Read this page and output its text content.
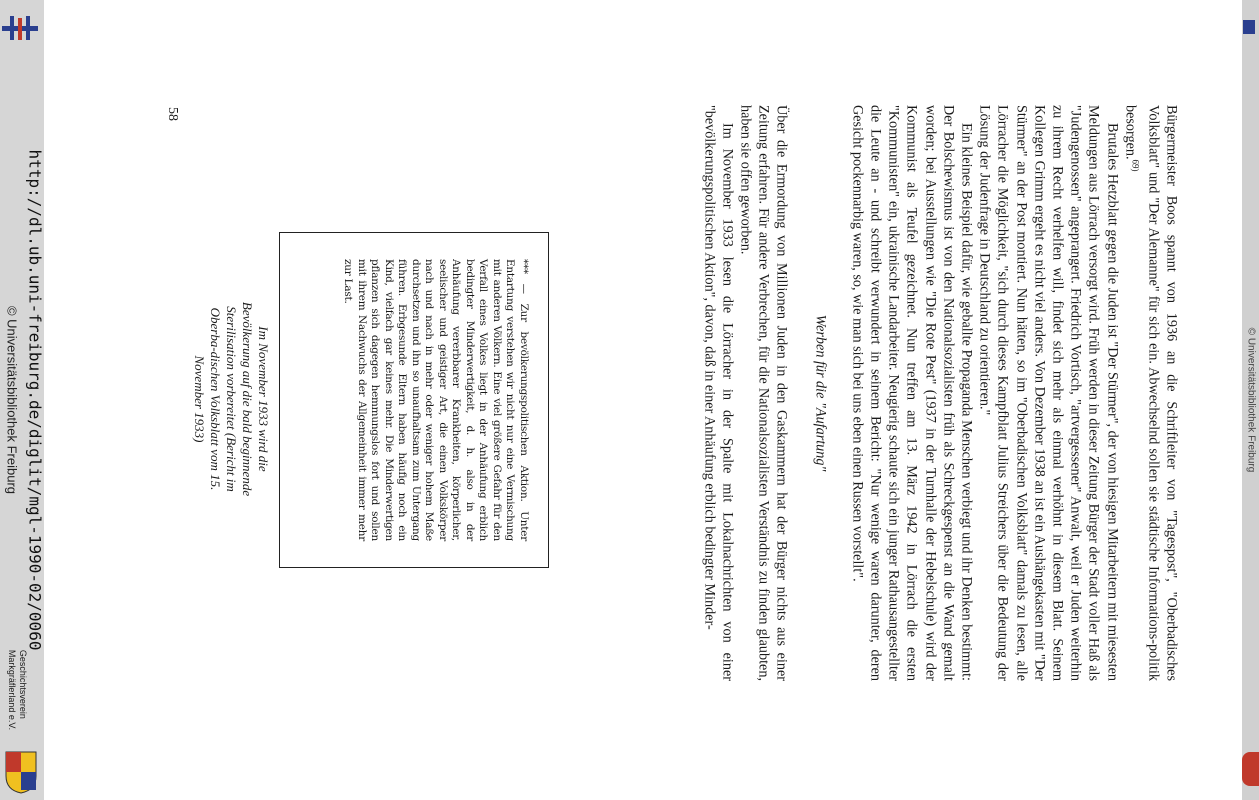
© Universitätsbibliothek Freiburg http://dl.ub.uni-freiburg.de/diglit/mgl-1990-02/0060
Geschichtsverein
Markgräflerland e.V.
58	Bürgermeister Boos spannt von 1936 an die Schriftleiter von "Tagespost", "Oberbadisches Volksblatt" und "Der Alemanne" für sich ein. Abwechselnd sollen sie städtische Informations-politik besorgen.$^{69)}$

Brutales Hetzblatt gegen die Juden ist "Der Stürmer", der von hiesigen Mitarbeitern mit miesesten Meldungen aus Lörrach versorgt wird. Früh werden in dieser Zeitung Bürger der Stadt voller Haß als "Judengenossen" angeprangert. Friedrich Vortisch, "artvergessener" Anwalt, weil er Juden weiterhin zu ihrem Recht verhelfen will, findet sich mehr als einmal verhöhnt in diesem Blatt. Seinem Kollegen Grimm ergeht es nicht viel anders. Von Dezember 1938 an ist ein Aushängekasten mit "Der Stürmer" an der Post montiert. Nun hätten, so im "Oberbadischen Volksblatt" damals zu lesen, alle Lörracher die Möglichkeit, "sich durch dieses Kampfblatt Julius Streichers über die Bedeutung der Lösung der Judenfrage in Deutschland zu orientieren."

Ein kleines Beispiel dafür, wie geballte Propaganda Menschen verbiegt und ihr Denken bestimmt: Der Bolschewismus ist von den Nationalsozialisten früh als Schreckgespenst an die Wand gemalt worden; bei Ausstellungen wie "Die Rote Pest" (1937 in der Turnhalle der Hebelschule) wird der Kommunist als Teufel gezeichnet. Nun treffen am 13. März 1942 in Lörrach die ersten "Kommunisten" ein, ukrainische Landarbeiter. Neugierig schaute sich ein junger Rathausangestellter die Leute an - und schreibt verwundert in seinem Bericht: "Nur wenige waren darunter, deren Gesicht pockennarbig waren, so, wie man sich bei uns eben einen Russen vorstellt".

Werben für die "Aufartung"

Über die Ermordung von Millionen Juden in den Gaskammern hat der Bürger nichts aus einer Zeitung erfahren. Für andere Verbrechen, für die Nationalsozialisten Verständnis zu finden glaubten, haben sie offen geworben.

Im November 1933 lesen die Lörracher in der Spalte mit Lokalnachrichten von einer "bevölkerungspolitischen Aktion", davon, daß in einer Anhäufung erblich bedingter Minder-

*** — Zur bevölkerungspolitischen Aktion. Unter Entartung verstehen wir nicht nur eine Vermischung mit anderen Völkern. Eine viel größere Gefahr für den Verfall eines Volkes liegt in der Anhäufung erblich bedingter Minderwertigkeit, d. h. also in der Anhäufung vererbbarer Krankheiten, körperlicher, seelischer und geistiger Art, die einen Volkskörper nach und nach in mehr oder weniger hohem Maße durchsetzen und ihn so unaufhaltsam zum Untergang führen. Erbgesunde Eltern haben häufig noch ein Kind, vielfach gar keines mehr. Die Minderwertigen pflanzen sich dagegen hemmungslos fort und sollen mit ihrem Nachwuchs der Allgemeinheit immer mehr zur Last.
Im November 1933 wird die Bevölkerung auf die bald beginnende Sterilisation vorbereitet (Bericht im Oberba-dischen Volksblatt vom 15. November 1933)	© Universitätsbibliothek Freiburg
